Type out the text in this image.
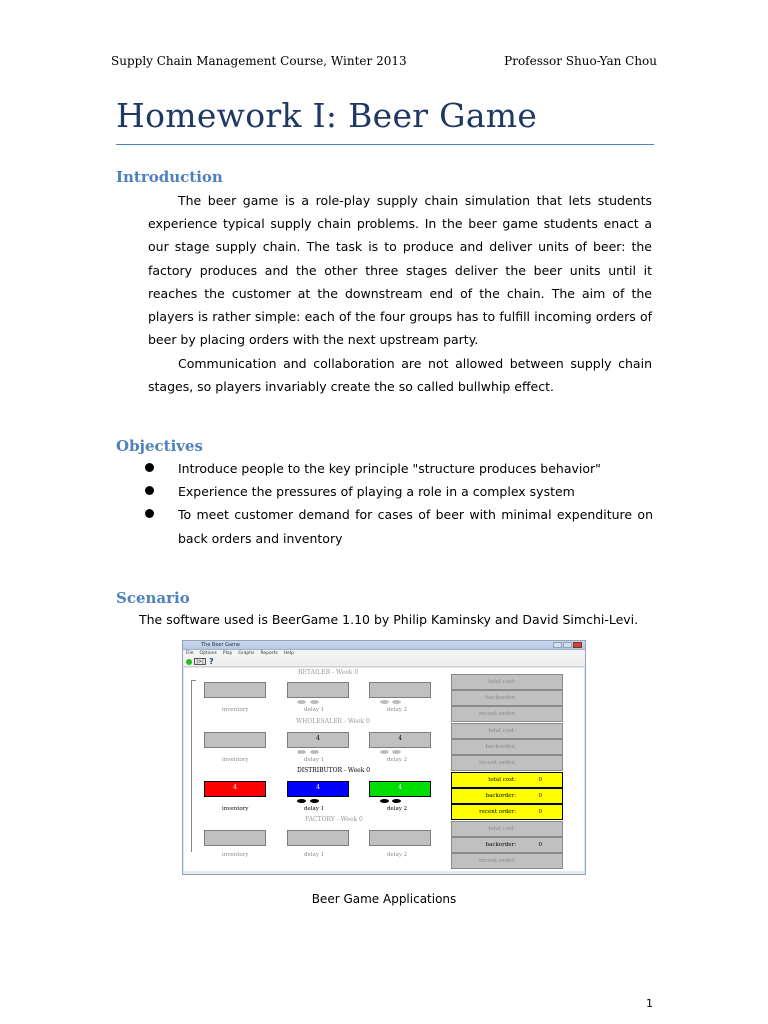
Supply Chain Management Course, Winter 2013	Professor Shuo-Yan Chou
Homework I: Beer Game
Introduction

The beer game is a role-play supply chain simulation that lets students experience typical supply chain problems. In the beer game students enact a our stage supply chain. The task is to produce and deliver units of beer: the factory produces and the other three stages deliver the beer units until it reaches the customer at the downstream end of the chain. The aim of the players is rather simple: each of the four groups has to fulfill incoming orders of beer by placing orders with the next upstream party.

Communication and collaboration are not allowed between supply chain stages, so players invariably create the so called bullwhip effect.

Objectives
Introduce people to the key principle "structure produces behavior"
Experience the pressures of playing a role in a complex system
To meet customer demand for cases of beer with minimal expenditure on back orders and inventory
Scenario
The software used is BeerGame 1.10 by Philip Kaminsky and David Simchi-Levi.
The Beer Game
File Options Play Graphs Reports Help
|>| ?
RETAILER - Week 0
inventory	delay 1	delay 2
total cost:
backorder:
recent order:
WHOLESALER - Week 0
4	4
inventory	delay 1	delay 2
total cost:
backorder:
recent order:
DISTRIBUTOR - Week 0
4	4	4
inventory	delay 1	delay 2
total cost:	0
backorder:	0
recent order:	0
FACTORY - Week 0
inventory	delay 1	delay 2
total cost:
backorder:	0
recent order:
Beer Game Applications
1
